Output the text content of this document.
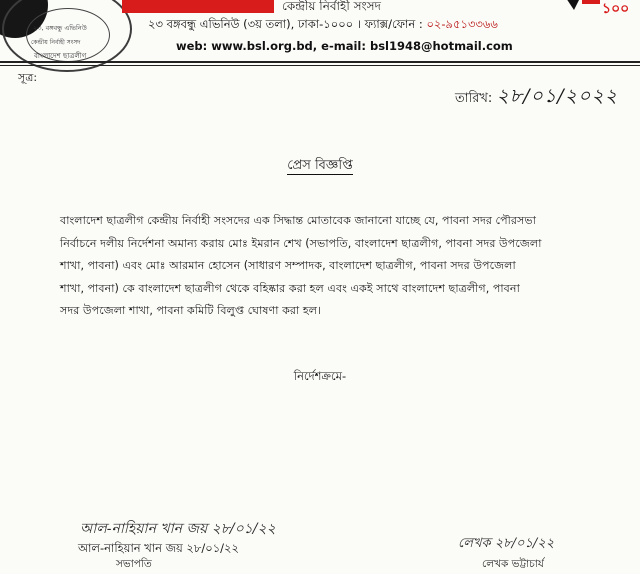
বাংলাদেশ ছাত্রলীগ
২৩, বঙ্গবন্ধু এভিনিউ
কেন্দ্রীয় নির্বাহী সংসদ
কেন্দ্রীয় নির্বাহী সংসদ
২৩ বঙ্গবন্ধু এভিনিউ (৩য় তলা), ঢাকা-১০০০ । ফ্যাক্স/ফোন : ০২-৯৫১৩৩৬৬
web: www.bsl.org.bd, e-mail: bsl1948@hotmail.com
১০০
সূত্র:
তারিখ: ২৮/০১/২০২২
প্রেস বিজ্ঞপ্তি
বাংলাদেশ ছাত্রলীগ কেন্দ্রীয় নির্বাহী সংসদের এক সিদ্ধান্ত মোতাবেক জানানো যাচ্ছে যে, পাবনা সদর পৌরসভা
নির্বাচনে দলীয় নির্দেশনা অমান্য করায় মোঃ ইমরান শেখ (সভাপতি, বাংলাদেশ ছাত্রলীগ, পাবনা সদর উপজেলা
শাখা, পাবনা) এবং মোঃ আরমান হোসেন (সাধারণ সম্পাদক, বাংলাদেশ ছাত্রলীগ, পাবনা সদর উপজেলা
শাখা, পাবনা) কে বাংলাদেশ ছাত্রলীগ থেকে বহিষ্কার করা হল এবং একই সাথে বাংলাদেশ ছাত্রলীগ, পাবনা
সদর উপজেলা শাখা, পাবনা কমিটি বিলুপ্ত ঘোষণা করা হল।
নির্দেশক্রমে-
আল-নাহিয়ান খান জয় ২৮/০১/২২
আল-নাহিয়ান খান জয় ২৮/০১/২২
সভাপতি
লেখক ২৮/০১/২২
লেখক ভট্টাচার্য
